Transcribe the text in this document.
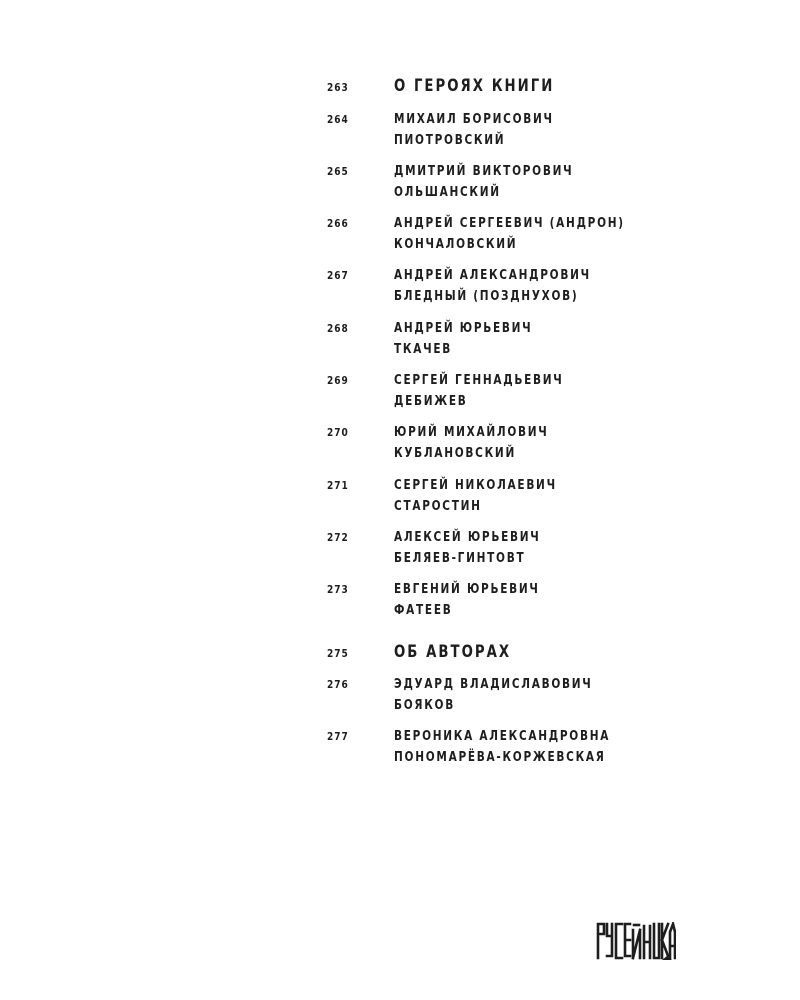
263	О ГЕРОЯХ КНИГИ
264	МИХАИЛ БОРИСОВИЧ
ПИОТРОВСКИЙ
265	ДМИТРИЙ ВИКТОРОВИЧ
ОЛЬШАНСКИЙ
266	АНДРЕЙ СЕРГЕЕВИЧ (АНДРОН)
КОНЧАЛОВСКИЙ
267	АНДРЕЙ АЛЕКСАНДРОВИЧ
БЛЕДНЫЙ (ПОЗДНУХОВ)
268	АНДРЕЙ ЮРЬЕВИЧ
ТКАЧЕВ
269	СЕРГЕЙ ГЕННАДЬЕВИЧ
ДЕБИЖЕВ
270	ЮРИЙ МИХАЙЛОВИЧ
КУБЛАНОВСКИЙ
271	СЕРГЕЙ НИКОЛАЕВИЧ
СТАРОСТИН
272	АЛЕКСЕЙ ЮРЬЕВИЧ
БЕЛЯЕВ-ГИНТОВТ
273	ЕВГЕНИЙ ЮРЬЕВИЧ
ФАТЕЕВ
275	ОБ АВТОРАХ
276	ЭДУАРД ВЛАДИСЛАВОВИЧ
БОЯКОВ
277	ВЕРОНИКА АЛЕКСАНДРОВНА
ПОНОМАРЁВА-КОРЖЕВСКАЯ
